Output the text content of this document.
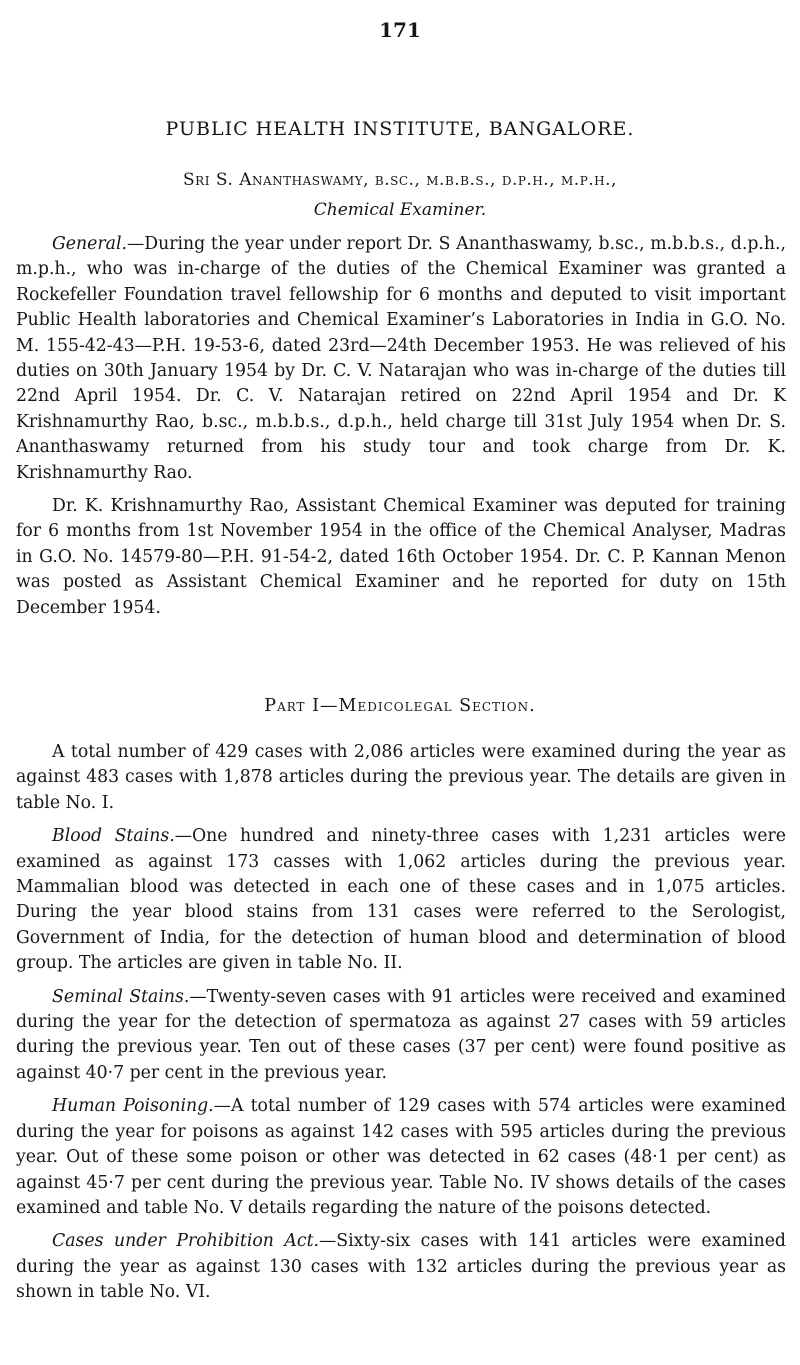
171
PUBLIC HEALTH INSTITUTE, BANGALORE.
Sri S. Ananthaswamy, b.sc., m.b.b.s., d.p.h., m.p.h.,
Chemical Examiner.

General.—During the year under report Dr. S Ananthaswamy, b.sc., m.b.b.s., d.p.h., m.p.h., who was in-charge of the duties of the Chemical Examiner was granted a Rockefeller Foundation travel fellowship for 6 months and deputed to visit important Public Health laboratories and Chemical Examiner’s Laboratories in India in G.O. No. M. 155-42-43—P.H. 19-53-6, dated 23rd—24th December 1953. He was relieved of his duties on 30th January 1954 by Dr. C. V. Natarajan who was in-charge of the duties till 22nd April 1954. Dr. C. V. Natarajan retired on 22nd April 1954 and Dr. K Krishnamurthy Rao, b.sc., m.b.b.s., d.p.h., held charge till 31st July 1954 when Dr. S. Ananthaswamy returned from his study tour and took charge from Dr. K. Krishnamurthy Rao.

Dr. K. Krishnamurthy Rao, Assistant Chemical Examiner was deputed for training for 6 months from 1st November 1954 in the office of the Chemical Analyser, Madras in G.O. No. 14579-80—P.H. 91-54-2, dated 16th October 1954. Dr. C. P. Kannan Menon was posted as Assistant Chemical Examiner and he reported for duty on 15th December 1954.

Part I—Medicolegal Section.

A total number of 429 cases with 2,086 articles were examined during the year as against 483 cases with 1,878 articles during the previous year. The details are given in table No. I.

Blood Stains.—One hundred and ninety-three cases with 1,231 articles were examined as against 173 casses with 1,062 articles during the previous year. Mammalian blood was detected in each one of these cases and in 1,075 articles. During the year blood stains from 131 cases were referred to the Serologist, Government of India, for the detection of human blood and determination of blood group. The articles are given in table No. II.

Seminal Stains.—Twenty-seven cases with 91 articles were received and examined during the year for the detection of spermatoza as against 27 cases with 59 articles during the previous year. Ten out of these cases (37 per cent) were found positive as against 40·7 per cent in the previous year.

Human Poisoning.—A total number of 129 cases with 574 articles were examined during the year for poisons as against 142 cases with 595 articles during the previous year. Out of these some poison or other was detected in 62 cases (48·1 per cent) as against 45·7 per cent during the previous year. Table No. IV shows details of the cases examined and table No. V details regarding the nature of the poisons detected.

Cases under Prohibition Act.—Sixty-six cases with 141 articles were examined during the year as against 130 cases with 132 articles during the previous year as shown in table No. VI.
